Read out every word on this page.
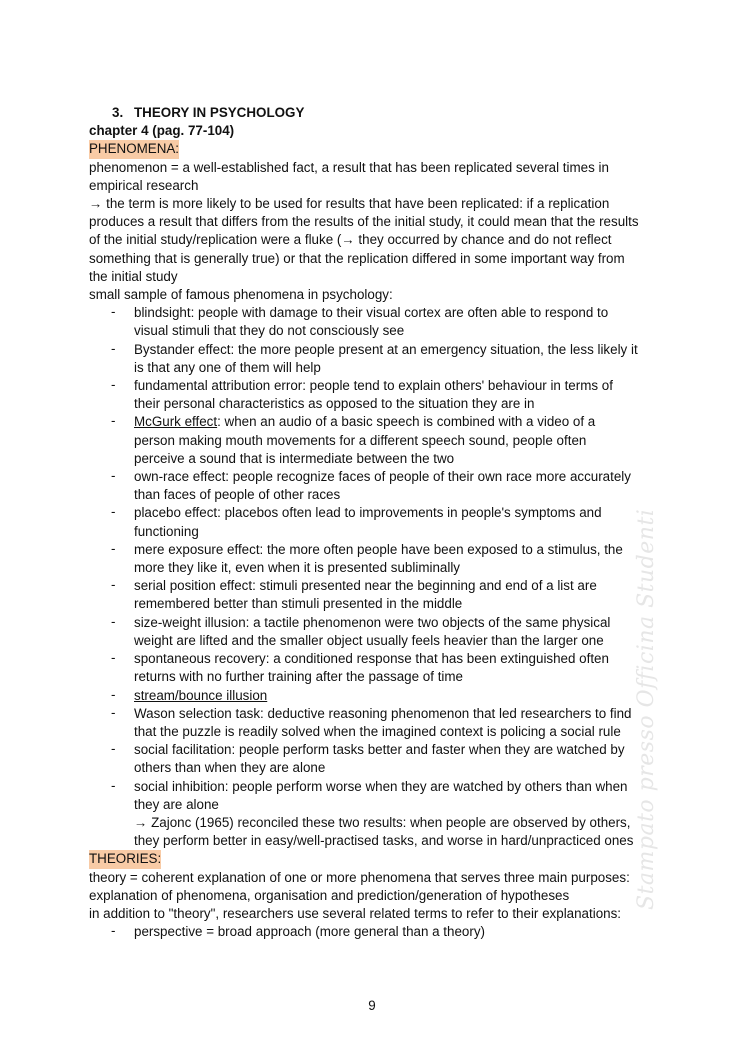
3. THEORY IN PSYCHOLOGY
chapter 4 (pag. 77-104)
PHENOMENA:
phenomenon = a well-established fact, a result that has been replicated several times in
empirical research
→ the term is more likely to be used for results that have been replicated: if a replication
produces a result that differs from the results of the initial study, it could mean that the results
of the initial study/replication were a fluke (→ they occurred by chance and do not reflect
something that is generally true) or that the replication differed in some important way from
the initial study
small sample of famous phenomena in psychology:
- blindsight: people with damage to their visual cortex are often able to respond to
visual stimuli that they do not consciously see
- Bystander effect: the more people present at an emergency situation, the less likely it
is that any one of them will help
- fundamental attribution error: people tend to explain others' behaviour in terms of
their personal characteristics as opposed to the situation they are in
- McGurk effect: when an audio of a basic speech is combined with a video of a
person making mouth movements for a different speech sound, people often
perceive a sound that is intermediate between the two
- own-race effect: people recognize faces of people of their own race more accurately
than faces of people of other races
- placebo effect: placebos often lead to improvements in people's symptoms and
functioning
- mere exposure effect: the more often people have been exposed to a stimulus, the
more they like it, even when it is presented subliminally
- serial position effect: stimuli presented near the beginning and end of a list are
remembered better than stimuli presented in the middle
- size-weight illusion: a tactile phenomenon were two objects of the same physical
weight are lifted and the smaller object usually feels heavier than the larger one
- spontaneous recovery: a conditioned response that has been extinguished often
returns with no further training after the passage of time
- stream/bounce illusion
- Wason selection task: deductive reasoning phenomenon that led researchers to find
that the puzzle is readily solved when the imagined context is policing a social rule
- social facilitation: people perform tasks better and faster when they are watched by
others than when they are alone
- social inhibition: people perform worse when they are watched by others than when
they are alone
→ Zajonc (1965) reconciled these two results: when people are observed by others,
they perform better in easy/well-practised tasks, and worse in hard/unpracticed ones
THEORIES:
theory = coherent explanation of one or more phenomena that serves three main purposes:
explanation of phenomena, organisation and prediction/generation of hypotheses
in addition to "theory", researchers use several related terms to refer to their explanations:
- perspective = broad approach (more general than a theory)
Stampato presso Officina Studenti
9
